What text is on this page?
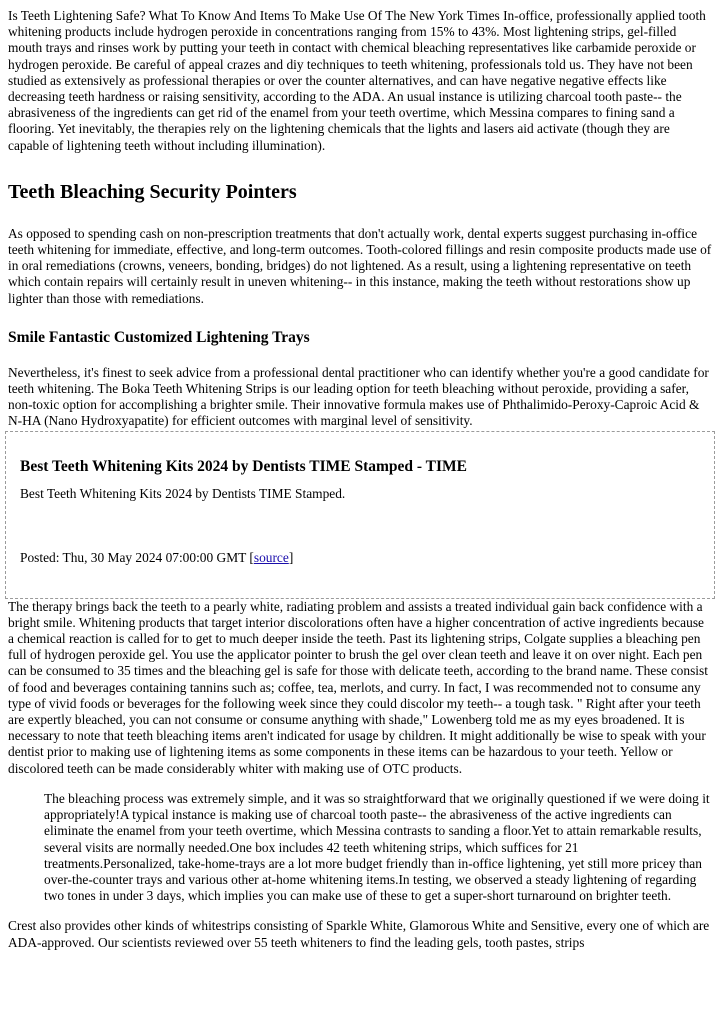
Is Teeth Lightening Safe? What To Know And Items To Make Use Of The New York Times In-office, professionally applied tooth whitening products include hydrogen peroxide in concentrations ranging from 15% to 43%. Most lightening strips, gel-filled mouth trays and rinses work by putting your teeth in contact with chemical bleaching representatives like carbamide peroxide or hydrogen peroxide. Be careful of appeal crazes and diy techniques to teeth whitening, professionals told us. They have not been studied as extensively as professional therapies or over the counter alternatives, and can have negative negative effects like decreasing teeth hardness or raising sensitivity, according to the ADA. An usual instance is utilizing charcoal tooth paste-- the abrasiveness of the ingredients can get rid of the enamel from your teeth overtime, which Messina compares to fining sand a flooring. Yet inevitably, the therapies rely on the lightening chemicals that the lights and lasers aid activate (though they are capable of lightening teeth without including illumination).

Teeth Bleaching Security Pointers

As opposed to spending cash on non-prescription treatments that don't actually work, dental experts suggest purchasing in-office teeth whitening for immediate, effective, and long-term outcomes. Tooth-colored fillings and resin composite products made use of in oral remediations (crowns, veneers, bonding, bridges) do not lightened. As a result, using a lightening representative on teeth which contain repairs will certainly result in uneven whitening-- in this instance, making the teeth without restorations show up lighter than those with remediations.

Smile Fantastic Customized Lightening Trays

Nevertheless, it's finest to seek advice from a professional dental practitioner who can identify whether you're a good candidate for teeth whitening. The Boka Teeth Whitening Strips is our leading option for teeth bleaching without peroxide, providing a safer, non-toxic option for accomplishing a brighter smile. Their innovative formula makes use of Phthalimido-Peroxy-Caproic Acid & N-HA (Nano Hydroxyapatite) for efficient outcomes with marginal level of sensitivity.

Best Teeth Whitening Kits 2024 by Dentists TIME Stamped - TIME
Best Teeth Whitening Kits 2024 by Dentists TIME Stamped.
Posted: Thu, 30 May 2024 07:00:00 GMT [source]

The therapy brings back the teeth to a pearly white, radiating problem and assists a treated individual gain back confidence with a bright smile. Whitening products that target interior discolorations often have a higher concentration of active ingredients because a chemical reaction is called for to get to much deeper inside the teeth. Past its lightening strips, Colgate supplies a bleaching pen full of hydrogen peroxide gel. You use the applicator pointer to brush the gel over clean teeth and leave it on over night. Each pen can be consumed to 35 times and the bleaching gel is safe for those with delicate teeth, according to the brand name. These consist of food and beverages containing tannins such as; coffee, tea, merlots, and curry. In fact, I was recommended not to consume any type of vivid foods or beverages for the following week since they could discolor my teeth-- a tough task. " Right after your teeth are expertly bleached, you can not consume or consume anything with shade," Lowenberg told me as my eyes broadened. It is necessary to note that teeth bleaching items aren't indicated for usage by children. It might additionally be wise to speak with your dentist prior to making use of lightening items as some components in these items can be hazardous to your teeth. Yellow or discolored teeth can be made considerably whiter with making use of OTC products.

The bleaching process was extremely simple, and it was so straightforward that we originally questioned if we were doing it appropriately!A typical instance is making use of charcoal tooth paste-- the abrasiveness of the active ingredients can eliminate the enamel from your teeth overtime, which Messina contrasts to sanding a floor.Yet to attain remarkable results, several visits are normally needed.One box includes 42 teeth whitening strips, which suffices for 21 treatments.Personalized, take-home-trays are a lot more budget friendly than in-office lightening, yet still more pricey than over-the-counter trays and various other at-home whitening items.In testing, we observed a steady lightening of regarding two tones in under 3 days, which implies you can make use of these to get a super-short turnaround on brighter teeth.

Crest also provides other kinds of whitestrips consisting of Sparkle White, Glamorous White and Sensitive, every one of which are ADA-approved. Our scientists reviewed over 55 teeth whiteners to find the leading gels, tooth pastes, strips
